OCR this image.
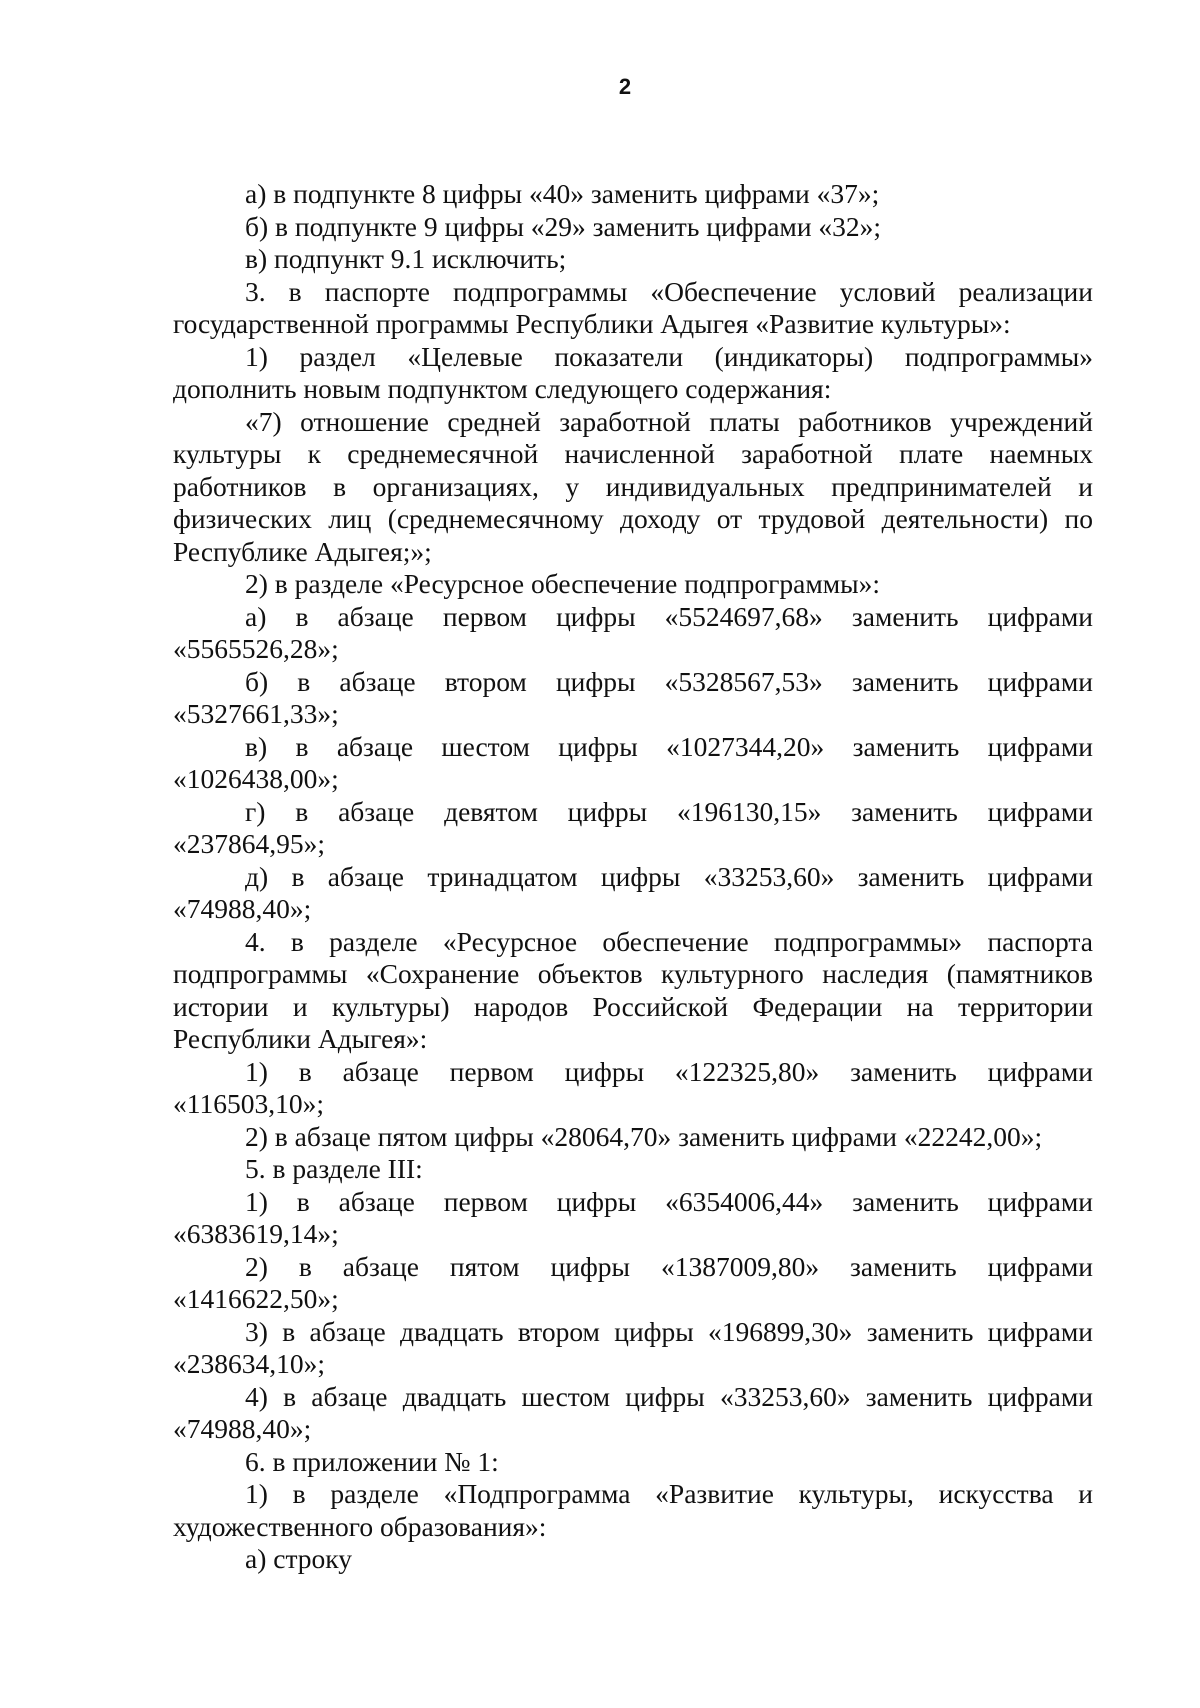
2

а) в подпункте 8 цифры «40» заменить цифрами «37»;

б) в подпункте 9 цифры «29» заменить цифрами «32»;

в) подпункт 9.1 исключить;

3. в паспорте подпрограммы «Обеспечение условий реализации государственной программы Республики Адыгея «Развитие культуры»:

1) раздел «Целевые показатели (индикаторы) подпрограммы» дополнить новым подпунктом следующего содержания:

«7) отношение средней заработной платы работников учреждений культуры к среднемесячной начисленной заработной плате наемных работников в организациях, у индивидуальных предпринимателей и физических лиц (среднемесячному доходу от трудовой деятельности) по Республике Адыгея;»;

2) в разделе «Ресурсное обеспечение подпрограммы»:

а) в абзаце первом цифры «5524697,68» заменить цифрами
«5565526,28»;

б) в абзаце втором цифры «5328567,53» заменить цифрами
«5327661,33»;

в) в абзаце шестом цифры «1027344,20» заменить цифрами
«1026438,00»;

г) в абзаце девятом цифры «196130,15» заменить цифрами
«237864,95»;

д) в абзаце тринадцатом цифры «33253,60» заменить цифрами
«74988,40»;

4. в разделе «Ресурсное обеспечение подпрограммы» паспорта подпрограммы «Сохранение объектов культурного наследия (памятников истории и культуры) народов Российской Федерации на территории Республики Адыгея»:

1) в абзаце первом цифры «122325,80» заменить цифрами
«116503,10»;

2) в абзаце пятом цифры «28064,70» заменить цифрами «22242,00»;

5. в разделе III:

1) в абзаце первом цифры «6354006,44» заменить цифрами
«6383619,14»;

2) в абзаце пятом цифры «1387009,80» заменить цифрами
«1416622,50»;

3) в абзаце двадцать втором цифры «196899,30» заменить цифрами
«238634,10»;

4) в абзаце двадцать шестом цифры «33253,60» заменить цифрами
«74988,40»;

6. в приложении № 1:

1) в разделе «Подпрограмма «Развитие культуры, искусства и художественного образования»:

а) строку
